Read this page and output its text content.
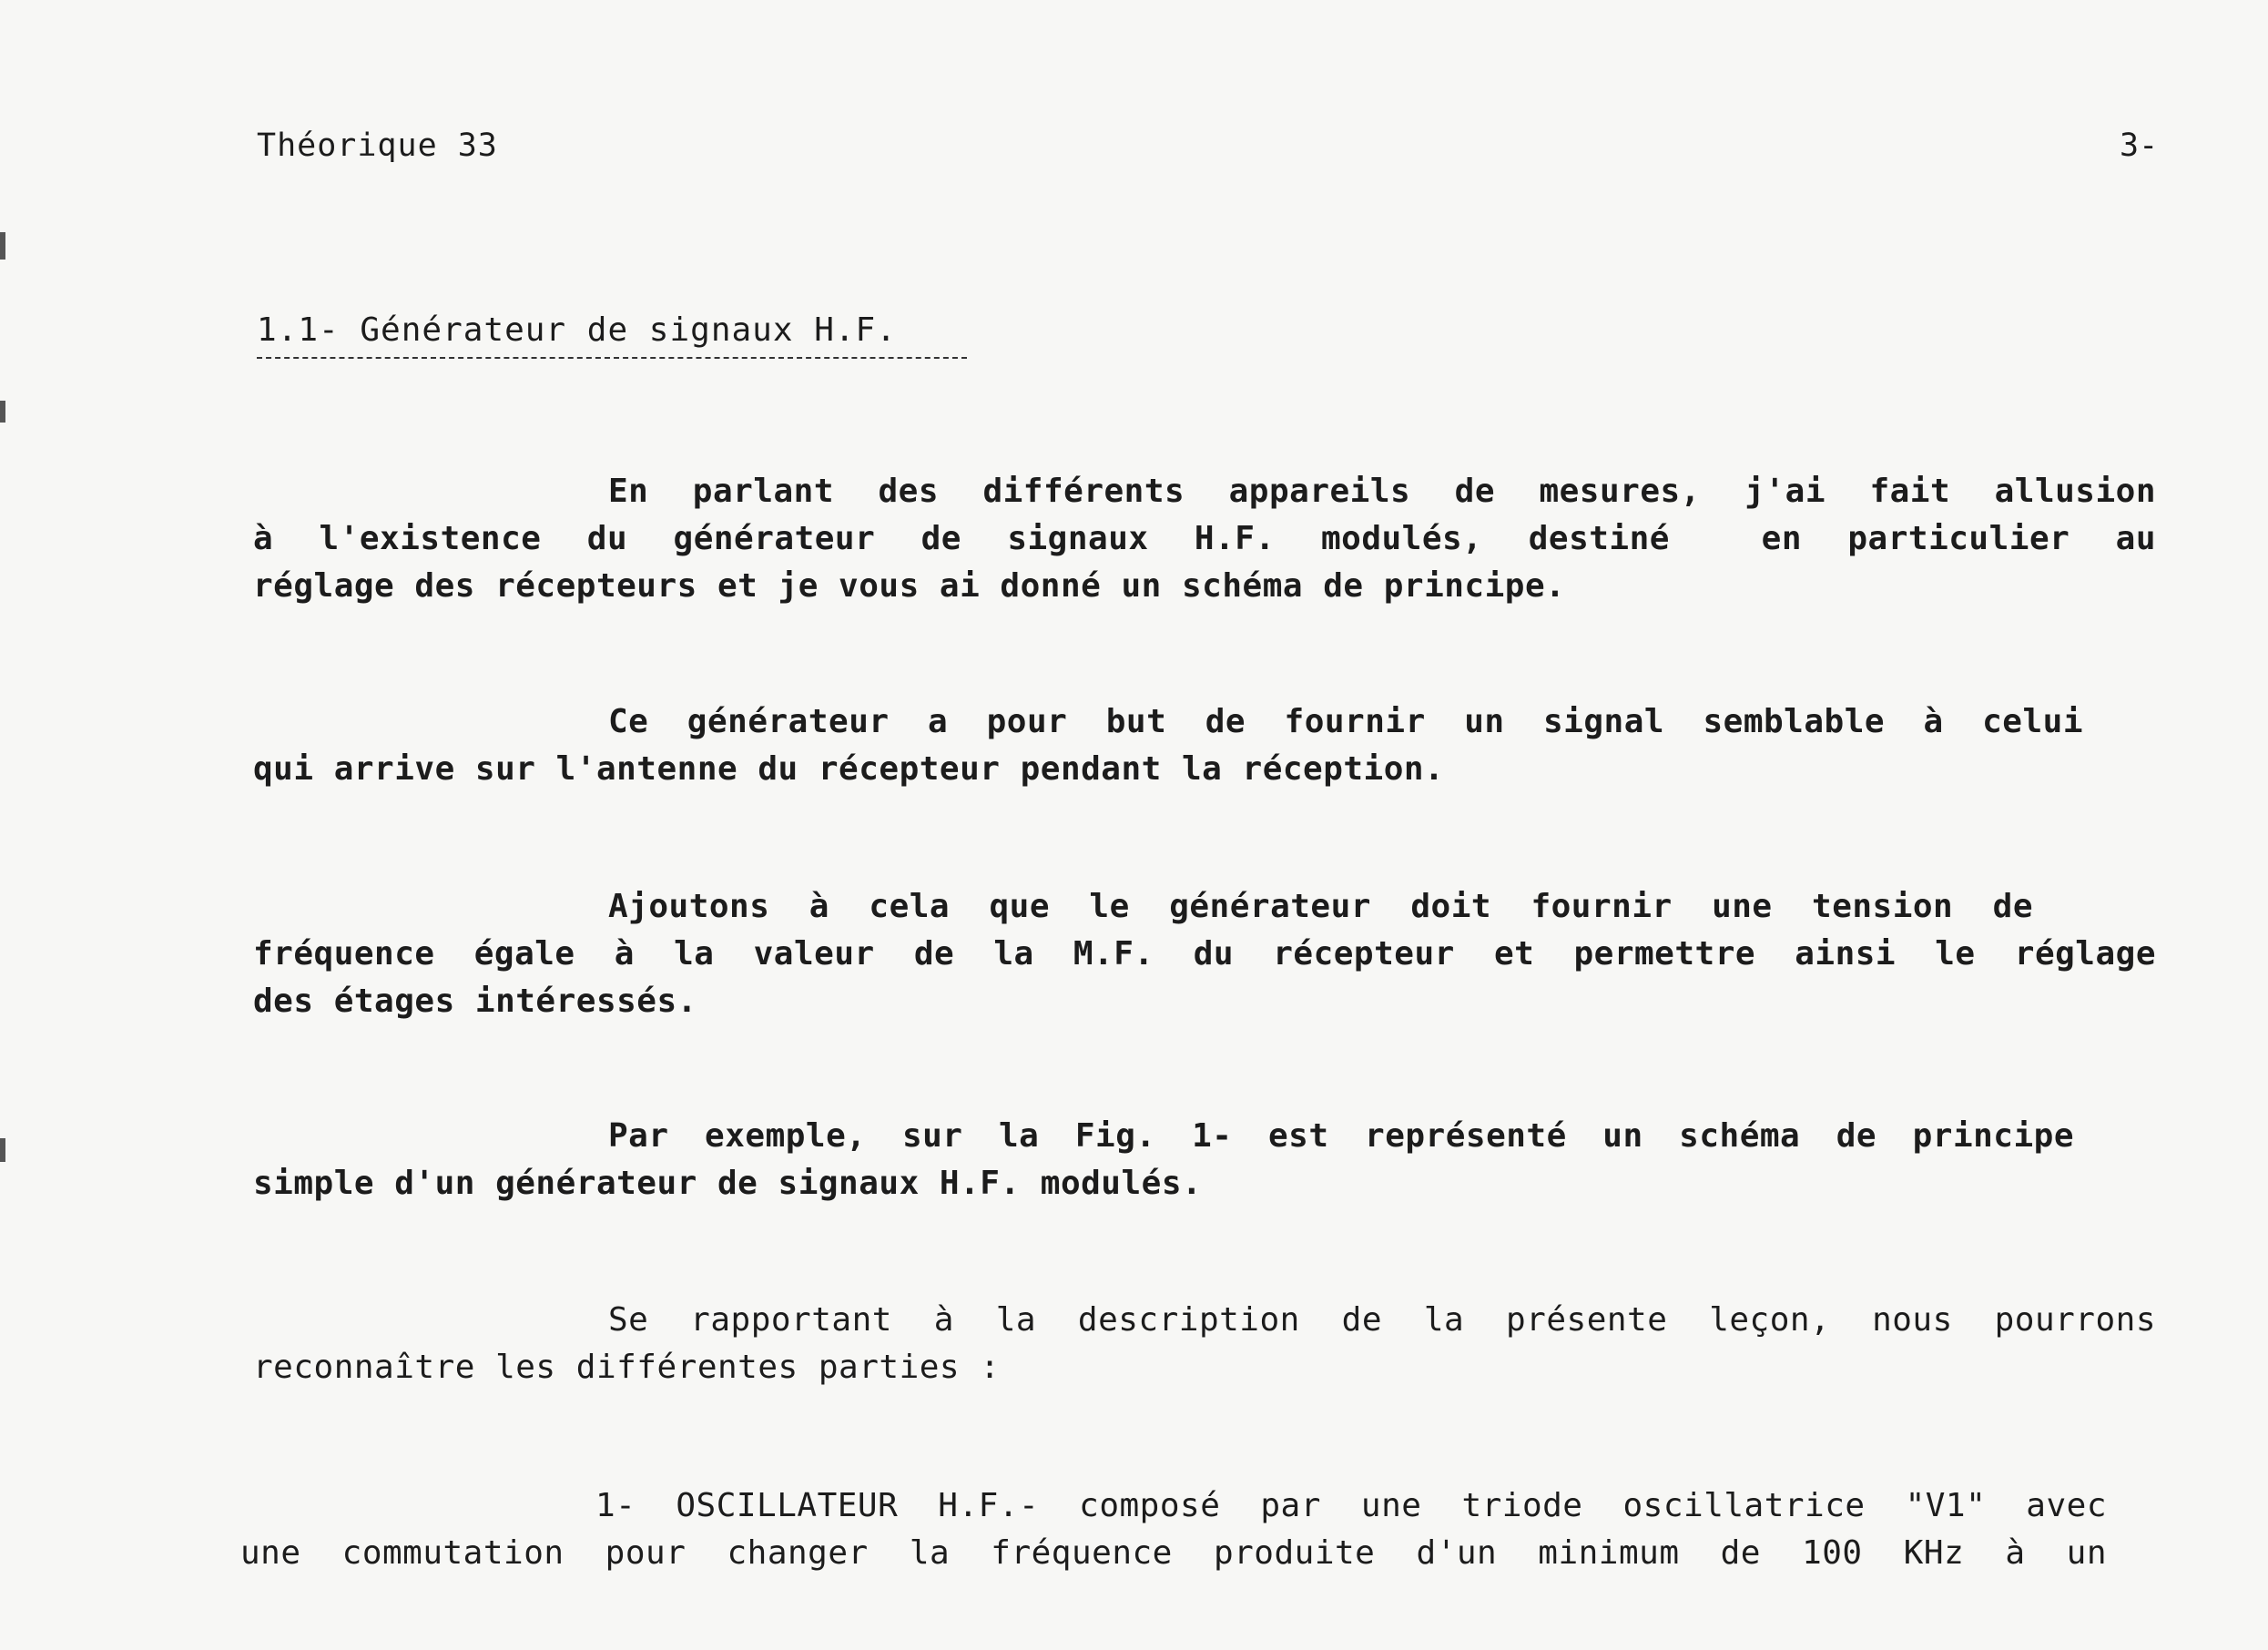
Théorique 33	3-
1.1- Générateur de signaux H.F.
En parlant des différents appareils de mesures, j'ai fait allusion
à l'existence du générateur de signaux H.F. modulés, destiné  en particulier au
réglage des récepteurs et je vous ai donné un schéma de principe.
Ce générateur a pour but de fournir un signal semblable à celui
qui arrive sur l'antenne du récepteur pendant la réception.
Ajoutons à cela que le générateur doit fournir une tension de
fréquence égale à la valeur de la M.F. du récepteur et permettre ainsi le réglage
des étages intéressés.
Par exemple, sur la Fig. 1- est représenté un schéma de principe
simple d'un générateur de signaux H.F. modulés.
Se rapportant à la description de la présente leçon, nous pourrons
reconnaître les différentes parties :
1- OSCILLATEUR H.F.- composé par une triode oscillatrice "V1" avec
une commutation pour changer la fréquence produite d'un minimum de 100 KHz à un
